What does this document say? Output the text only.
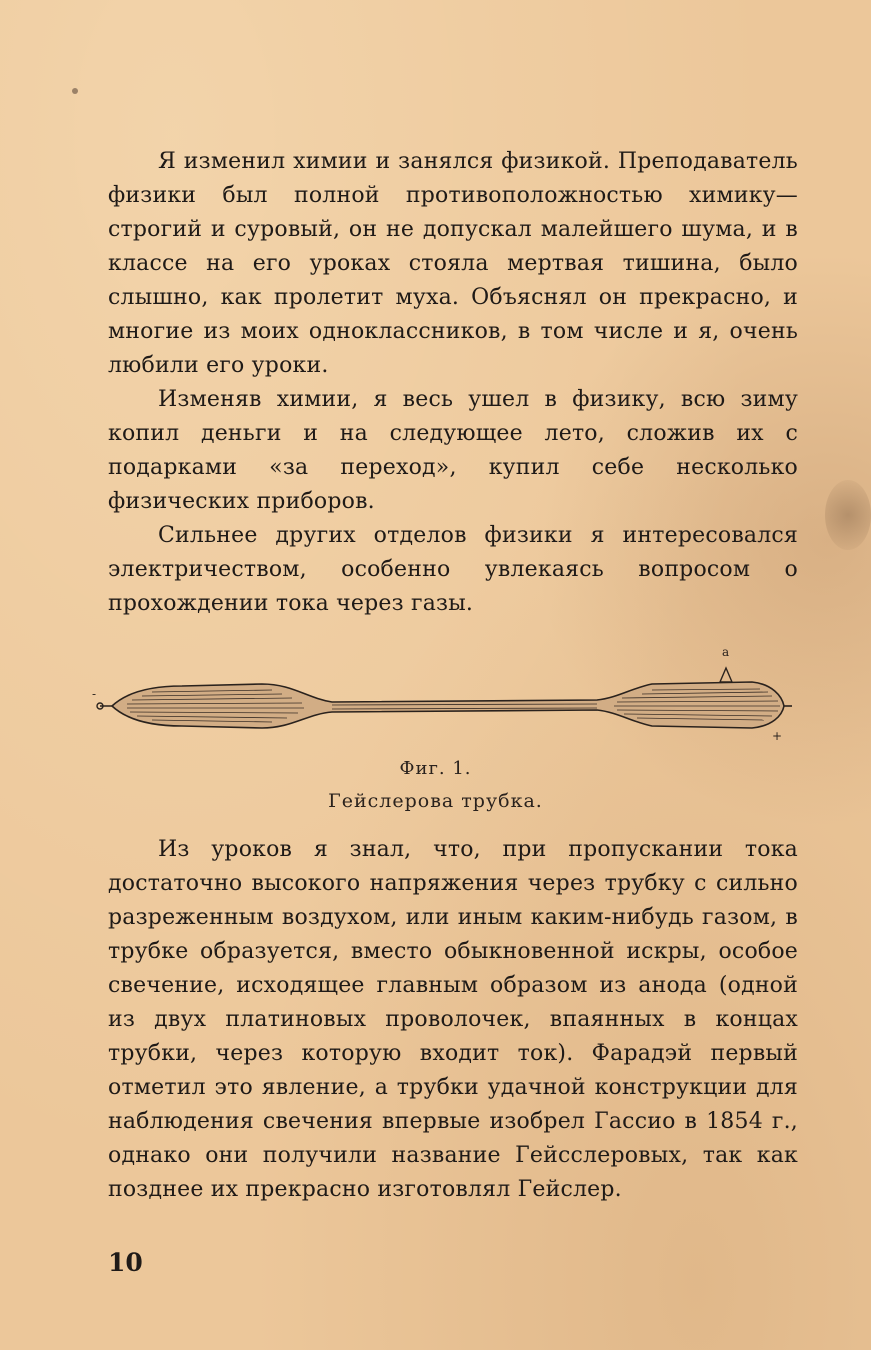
Я изменил химии и занялся физикой. Преподаватель физики был полной противоположностью химику—строгий и суровый, он не допускал малейшего шума, и в классе на его уроках стояла мертвая тишина, было слышно, как пролетит муха. Объяснял он прекрасно, и многие из моих одноклассников, в том числе и я, очень любили его уроки.

Изменяв химии, я весь ушел в физику, всю зиму копил деньги и на следующее лето, сложив их с подарками «за переход», купил себе несколько физических приборов.

Сильнее других отделов физики я интересовался электричеством, особенно увлекаясь вопросом о прохождении тока через газы.

a
-
+
Фиг. 1.
Гейслерова трубка.

Из уроков я знал, что, при пропускании тока достаточно высокого напряжения через трубку с сильно разреженным воздухом, или иным каким-нибудь газом, в трубке образуется, вместо обыкновенной искры, особое свечение, исходящее главным образом из анода (одной из двух платиновых проволочек, впаянных в концах трубки, через которую входит ток). Фарадэй первый отметил это явление, а трубки удачной конструкции для наблюдения свечения впервые изобрел Гассио в 1854 г., однако они получили название Гейсслеровых, так как позднее их прекрасно изготовлял Гейслер.

10
